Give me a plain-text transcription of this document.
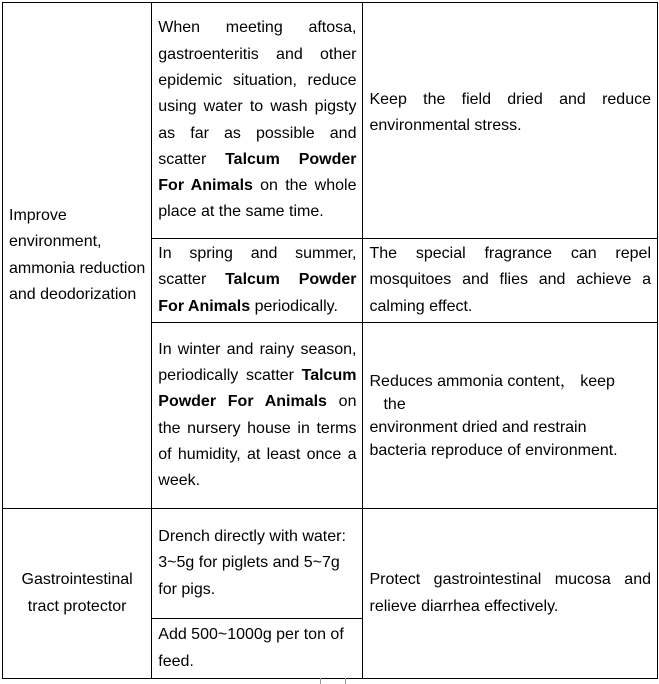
Improve environment, ammonia reduction and deodorization	When meeting aftosa, gastroenteritis and other epidemic situation, reduce using water to wash pigsty as far as possible and scatter Talcum Powder For Animals on the whole place at the same time.	Keep the field dried and reduce environmental stress.
	In spring and summer, scatter Talcum Powder For Animals periodically.	The special fragrance can repel mosquitoes and flies and achieve a calming effect.
	In winter and rainy season, periodically scatter Talcum Powder For Animals on the nursery house in terms of humidity, at least once a week.	Reduces ammonia content， keep
the
environment dried and restrain
bacteria reproduce of environment.

Gastrointestinal tract protector	Drench directly with water: 3~5g for piglets and 5~7g for pigs.	Protect gastrointestinal mucosa and relieve diarrhea effectively.
	Add 500~1000g per ton of feed.	
